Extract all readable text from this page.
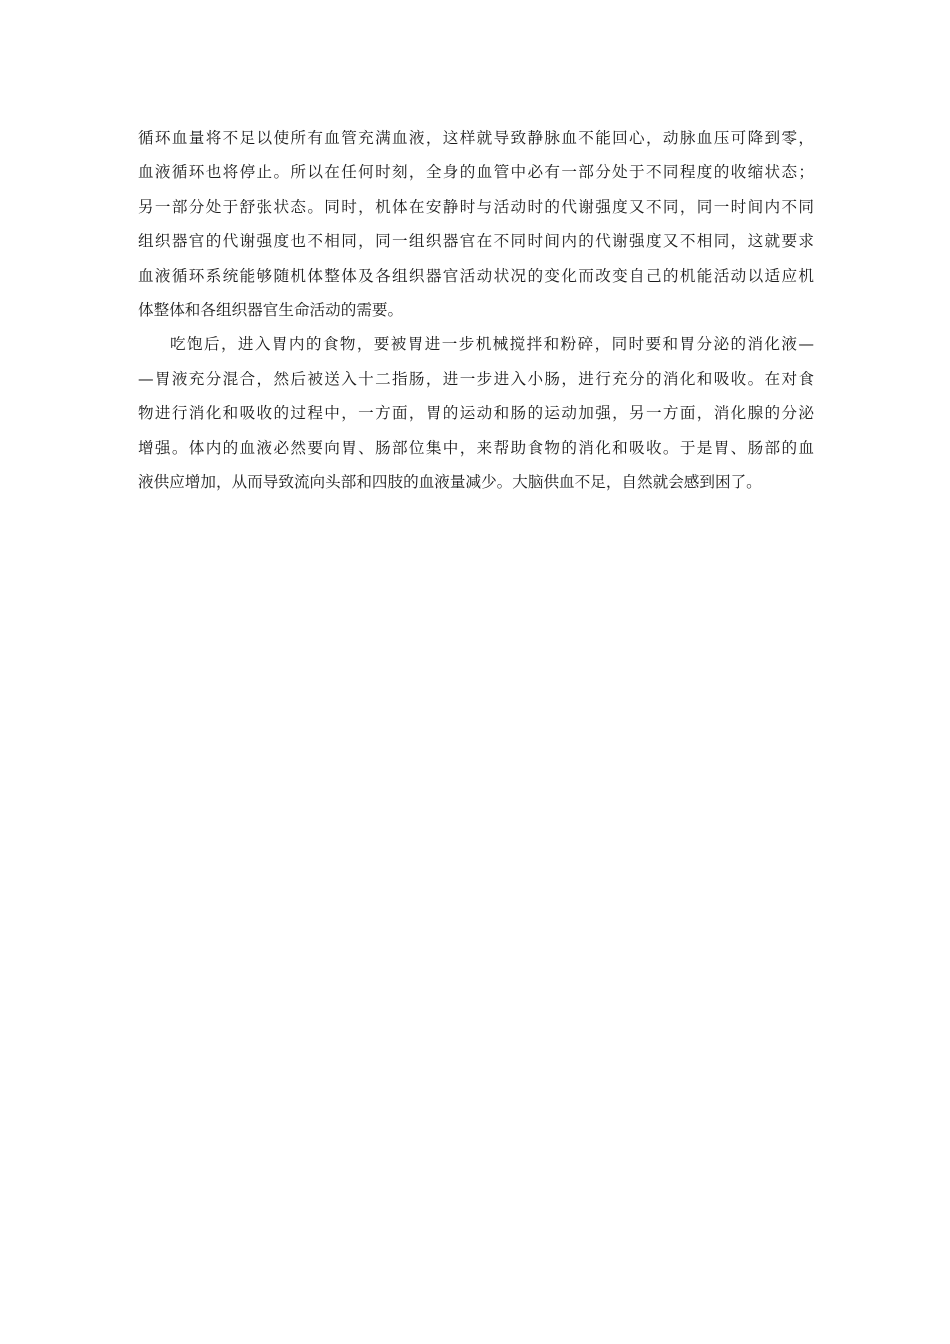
循环血量将不足以使所有血管充满血液，这样就导致静脉血不能回心，动脉血压可降到零，
血液循环也将停止。所以在任何时刻，全身的血管中必有一部分处于不同程度的收缩状态；
另一部分处于舒张状态。同时，机体在安静时与活动时的代谢强度又不同，同一时间内不同
组织器官的代谢强度也不相同，同一组织器官在不同时间内的代谢强度又不相同，这就要求
血液循环系统能够随机体整体及各组织器官活动状况的变化而改变自己的机能活动以适应机
体整体和各组织器官生命活动的需要。
吃饱后，进入胃内的食物，要被胃进一步机械搅拌和粉碎，同时要和胃分泌的消化液—
—胃液充分混合，然后被送入十二指肠，进一步进入小肠，进行充分的消化和吸收。在对食
物进行消化和吸收的过程中，一方面，胃的运动和肠的运动加强，另一方面，消化腺的分泌
增强。体内的血液必然要向胃、肠部位集中，来帮助食物的消化和吸收。于是胃、肠部的血
液供应增加，从而导致流向头部和四肢的血液量减少。大脑供血不足，自然就会感到困了。
